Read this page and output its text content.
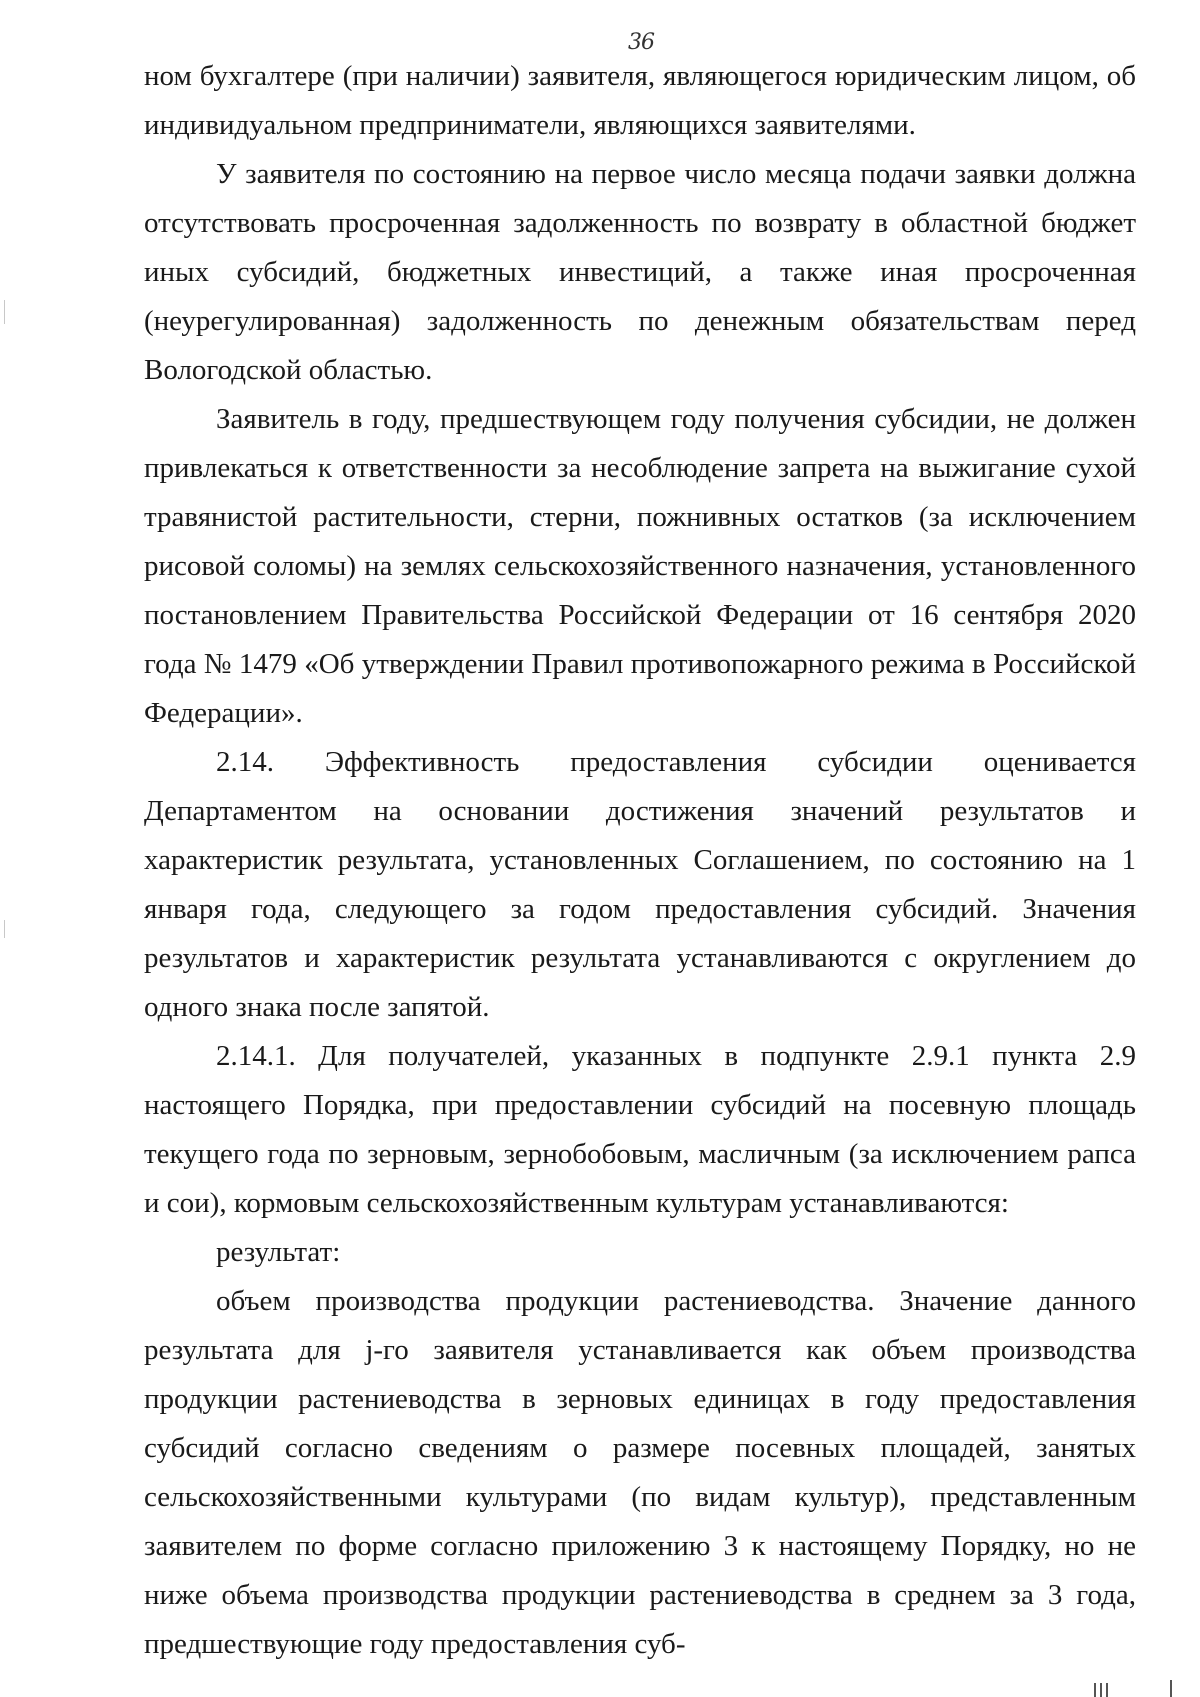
36

ном бухгалтере (при наличии) заявителя, являющегося юридическим лицом, об индивидуальном предприниматели, являющихся заявителями.

У заявителя по состоянию на первое число месяца подачи заявки должна отсутствовать просроченная задолженность по возврату в областной бюджет иных субсидий, бюджетных инвестиций, а также иная просроченная (неурегулированная) задолженность по денежным обязательствам перед Вологодской областью.

Заявитель в году, предшествующем году получения субсидии, не должен привлекаться к ответственности за несоблюдение запрета на выжигание сухой травянистой растительности, стерни, пожнивных остатков (за исключением рисовой соломы) на землях сельскохозяйственного назначения, установленного постановлением Правительства Российской Федерации от 16 сентября 2020 года № 1479 «Об утверждении Правил противопожарного режима в Российской Федерации».

2.14. Эффективность предоставления субсидии оценивается Департаментом на основании достижения значений результатов и характеристик результата, установленных Соглашением, по состоянию на 1 января года, следующего за годом предоставления субсидий. Значения результатов и характеристик результата устанавливаются с округлением до одного знака после запятой.

2.14.1. Для получателей, указанных в подпункте 2.9.1 пункта 2.9 настоящего Порядка, при предоставлении субсидий на посевную площадь текущего года по зерновым, зернобобовым, масличным (за исключением рапса и сои), кормовым сельскохозяйственным культурам устанавливаются:

результат:

объем производства продукции растениеводства. Значение данного результата для j-го заявителя устанавливается как объем производства продукции растениеводства в зерновых единицах в году предоставления субсидий согласно сведениям о размере посевных площадей, занятых сельскохозяйственными культурами (по видам культур), представленным заявителем по форме согласно приложению 3 к настоящему Порядку, но не ниже объема производства продукции растениеводства в среднем за 3 года, предшествующие году предоставления суб-
